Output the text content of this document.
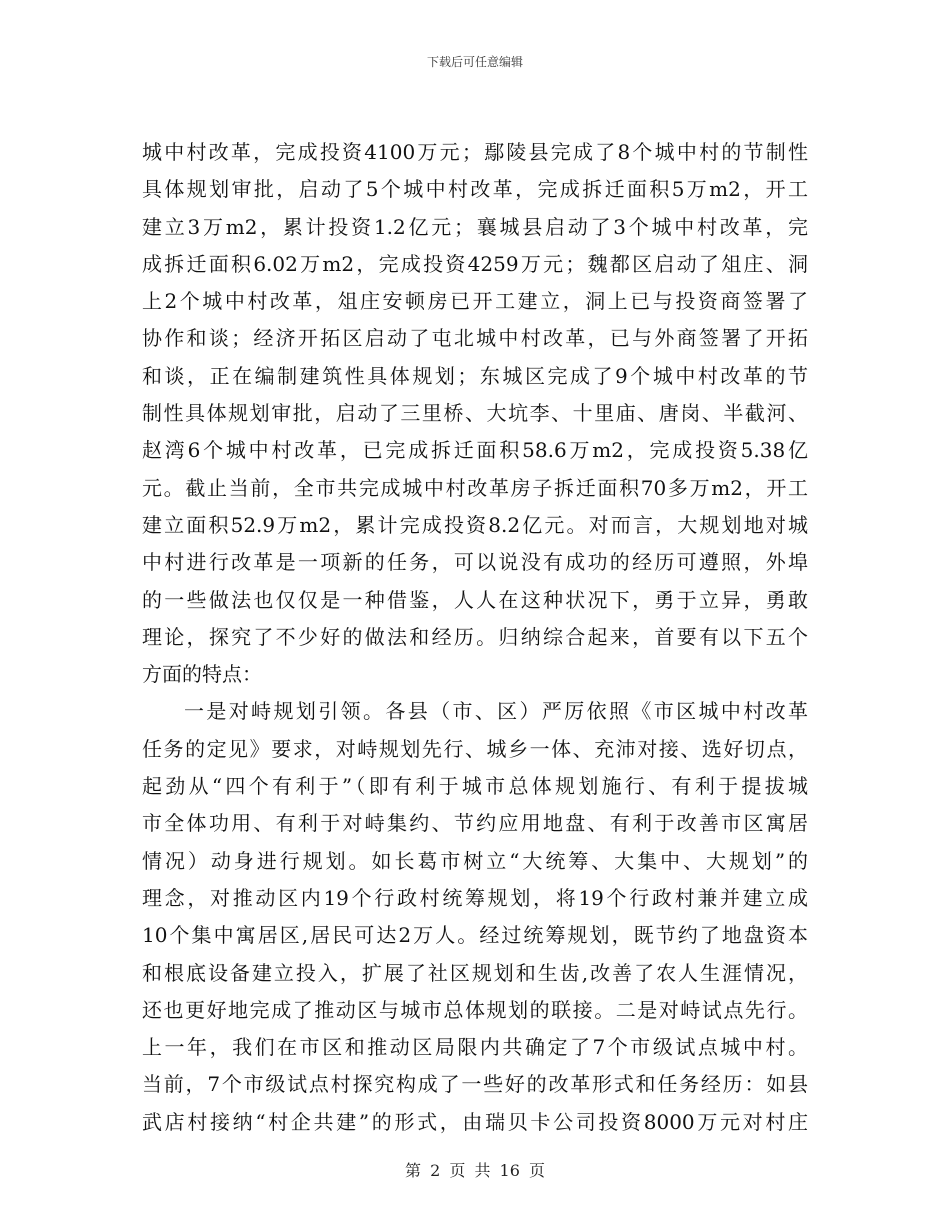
下载后可任意编辑
城中村改革，完成投资4100万元；鄢陵县完成了8个城中村的节制性
具体规划审批，启动了5个城中村改革，完成拆迁面积5万m2，开工
建立3万m2，累计投资1.2亿元；襄城县启动了3个城中村改革，完
成拆迁面积6.02万m2，完成投资4259万元；魏都区启动了俎庄、洞
上2个城中村改革，俎庄安顿房已开工建立，洞上已与投资商签署了
协作和谈；经济开拓区启动了屯北城中村改革，已与外商签署了开拓
和谈，正在编制建筑性具体规划；东城区完成了9个城中村改革的节
制性具体规划审批，启动了三里桥、大坑李、十里庙、唐岗、半截河、
赵湾6个城中村改革，已完成拆迁面积58.6万m2，完成投资5.38亿
元。截止当前，全市共完成城中村改革房子拆迁面积70多万m2，开工
建立面积52.9万m2，累计完成投资8.2亿元。对而言，大规划地对城
中村进行改革是一项新的任务，可以说没有成功的经历可遵照，外埠
的一些做法也仅仅是一种借鉴，人人在这种状况下，勇于立异，勇敢
理论，探究了不少好的做法和经历。归纳综合起来，首要有以下五个
方面的特点：
一是对峙规划引领。各县（市、区）严厉依照《市区城中村改革
任务的定见》要求，对峙规划先行、城乡一体、充沛对接、选好切点，
起劲从“四个有利于”（即有利于城市总体规划施行、有利于提拔城
市全体功用、有利于对峙集约、节约应用地盘、有利于改善市区寓居
情况）动身进行规划。如长葛市树立“大统筹、大集中、大规划”的
理念，对推动区内19个行政村统筹规划，将19个行政村兼并建立成
10个集中寓居区,居民可达2万人。经过统筹规划，既节约了地盘资本
和根底设备建立投入，扩展了社区规划和生齿,改善了农人生涯情况，
还也更好地完成了推动区与城市总体规划的联接。二是对峙试点先行。
上一年，我们在市区和推动区局限内共确定了7个市级试点城中村。
当前，7个市级试点村探究构成了一些好的改革形式和任务经历：如县
武店村接纳“村企共建”的形式，由瑞贝卡公司投资8000万元对村庄
第 2 页 共 16 页
